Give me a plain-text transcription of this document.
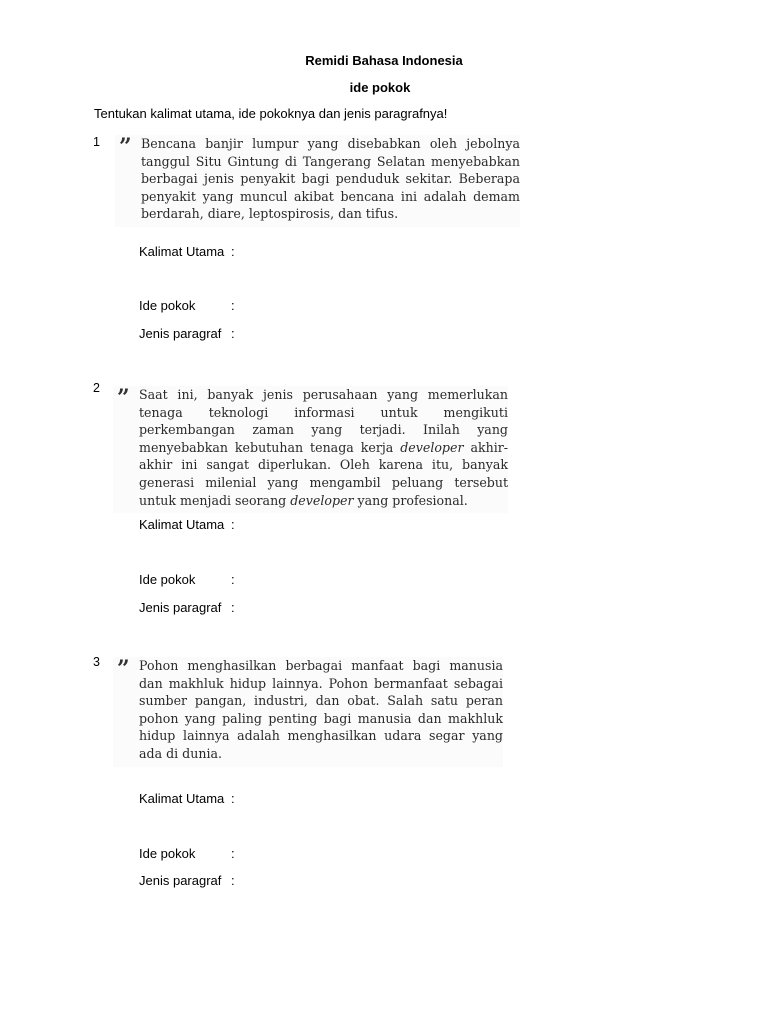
Remidi Bahasa Indonesia
ide pokok
Tentukan kalimat utama, ide pokoknya dan jenis paragrafnya!
1 ” Bencana banjir lumpur yang disebabkan oleh jebolnya tanggul Situ Gintung di Tangerang Selatan menyebabkan berbagai jenis penyakit bagi penduduk sekitar. Beberapa penyakit yang muncul akibat bencana ini adalah demam berdarah, diare, leptospirosis, dan tifus.
Kalimat Utama :
Ide pokok	:
Jenis paragraf :
2 ” Saat ini, banyak jenis perusahaan yang memerlukan tenaga teknologi informasi untuk mengikuti perkembangan zaman yang terjadi. Inilah yang menyebabkan kebutuhan tenaga kerja developer akhir-akhir ini sangat diperlukan. Oleh karena itu, banyak generasi milenial yang mengambil peluang tersebut untuk menjadi seorang developer yang profesional.
Kalimat Utama :
Ide pokok	:
Jenis paragraf :
3 ” Pohon menghasilkan berbagai manfaat bagi manusia dan makhluk hidup lainnya. Pohon bermanfaat sebagai sumber pangan, industri, dan obat. Salah satu peran pohon yang paling penting bagi manusia dan makhluk hidup lainnya adalah menghasilkan udara segar yang ada di dunia.
Kalimat Utama :
Ide pokok	:
Jenis paragraf :
